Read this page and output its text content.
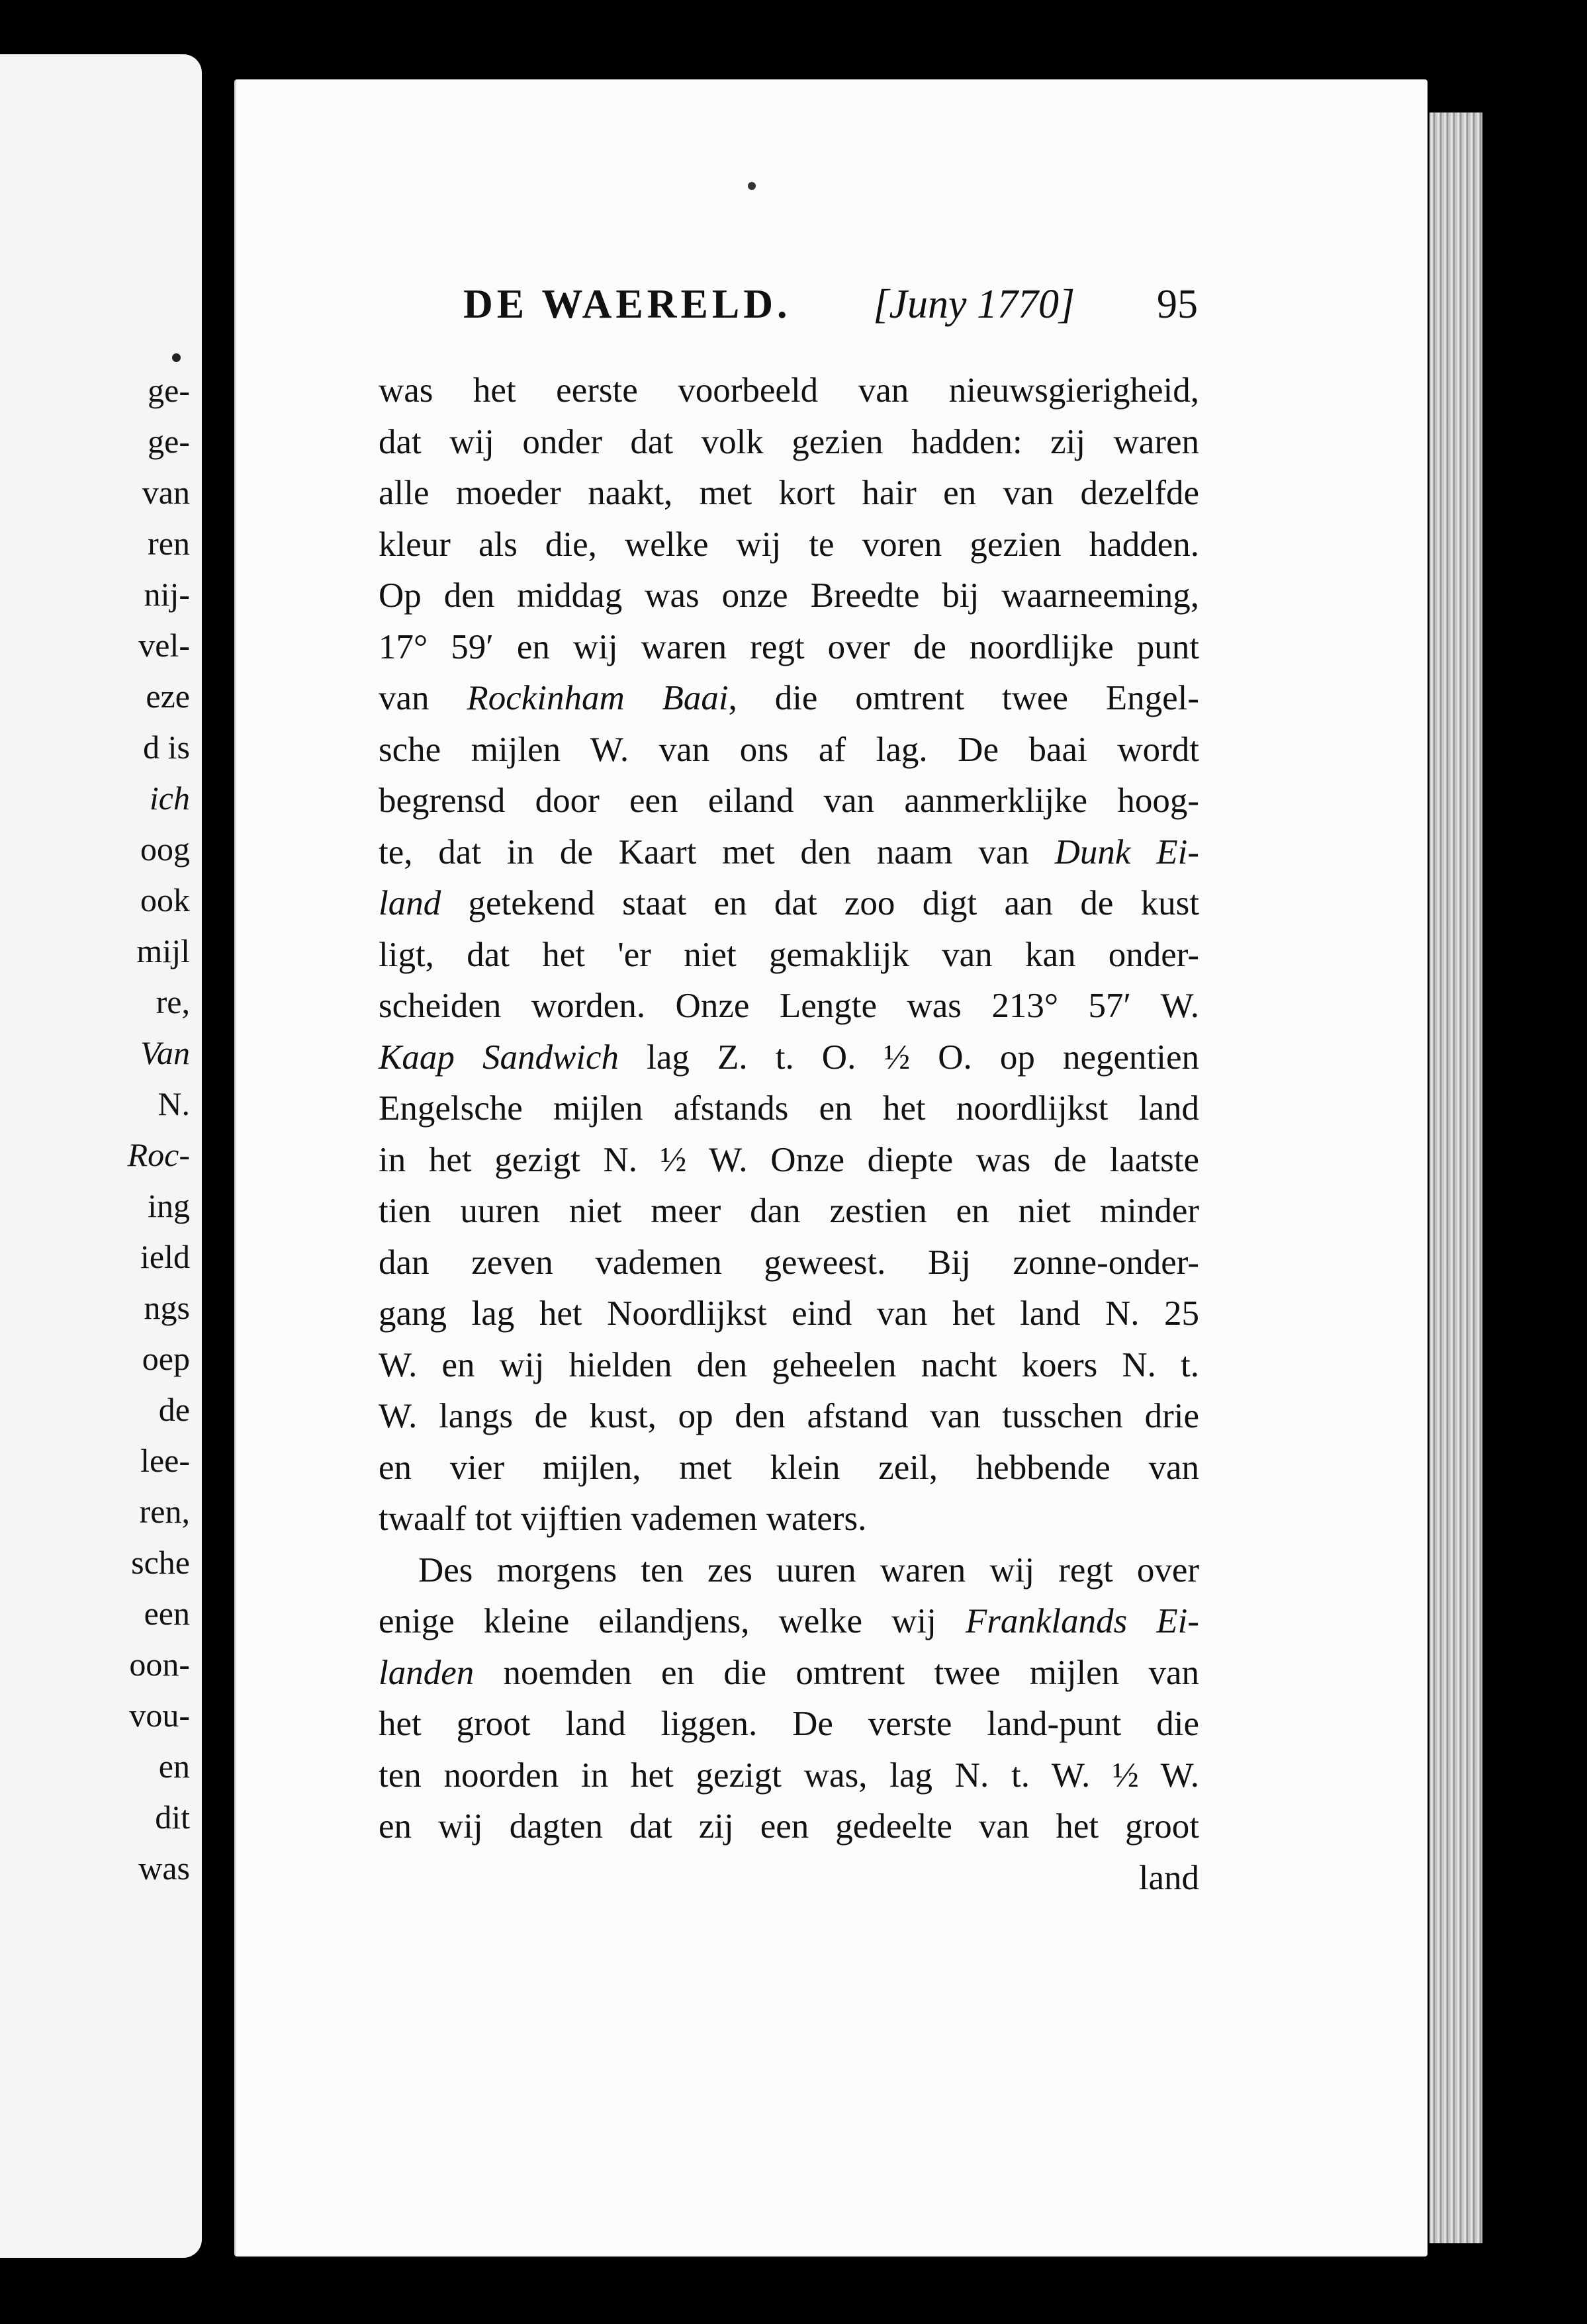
ge-
ge-
van
ren
nij-
vel-
eze
d is
ich
oog
ook
mijl
re,
Van
N.
Roc-
ing
ield
ngs
oep
de
lee-
ren,
sche
een
oon-
vou-
en
dit
was
DE WAERELD. [Juny 1770] 95
was het eerste voorbeeld van nieuwsgierigheid,
dat wij onder dat volk gezien hadden: zij waren
alle moeder naakt, met kort hair en van dezelfde
kleur als die, welke wij te voren gezien hadden.
Op den middag was onze Breedte bij waarneeming,
17° 59′ en wij waren regt over de noordlijke punt
van Rockinham Baai, die omtrent twee Engel-
sche mijlen W. van ons af lag. De baai wordt
begrensd door een eiland van aanmerklijke hoog-
te, dat in de Kaart met den naam van Dunk Ei-
land getekend staat en dat zoo digt aan de kust
ligt, dat het 'er niet gemaklijk van kan onder-
scheiden worden. Onze Lengte was 213° 57′ W.
Kaap Sandwich lag Z. t. O. ½ O. op negentien
Engelsche mijlen afstands en het noordlijkst land
in het gezigt N. ½ W. Onze diepte was de laatste
tien uuren niet meer dan zestien en niet minder
dan zeven vademen geweest. Bij zonne-onder-
gang lag het Noordlijkst eind van het land N. 25
W. en wij hielden den geheelen nacht koers N. t.
W. langs de kust, op den afstand van tusschen drie
en vier mijlen, met klein zeil, hebbende van
twaalf tot vijftien vademen waters.
Des morgens ten zes uuren waren wij regt over
enige kleine eilandjens, welke wij Franklands Ei-
landen noemden en die omtrent twee mijlen van
het groot land liggen. De verste land-punt die
ten noorden in het gezigt was, lag N. t. W. ½ W.
en wij dagten dat zij een gedeelte van het groot
land
